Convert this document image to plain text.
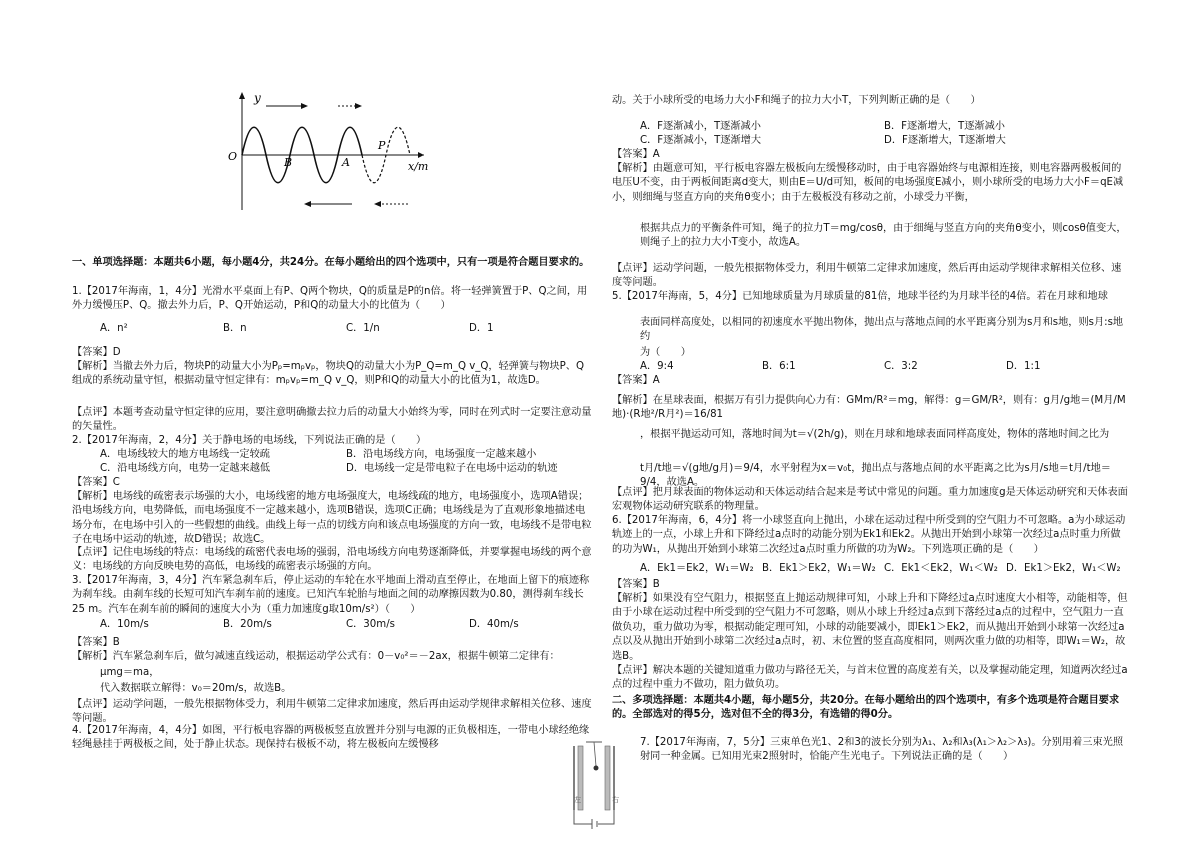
y
O	B	A
P
x/m
一、单项选择题：本题共6小题，每小题4分，共24分。在每小题给出的四个选项中，只有一项是符合题目要求的。
1.【2017年海南，1，4分】光滑水平桌面上有P、Q两个物块，Q的质量是P的n倍。将一轻弹簧置于P、Q之间，用外力缓慢压P、Q。撤去外力后，P、Q开始运动，P和Q的动量大小的比值为（　　）
A．n²	B．n	C．1/n	D．1
【答案】D
【解析】当撤去外力后，物块P的动量大小为Pₚ=mₚvₚ，物块Q的动量大小为P_Q=m_Q v_Q，轻弹簧与物块P、Q组成的系统动量守恒，根据动量守恒定律有：mₚvₚ=m_Q v_Q，则P和Q的动量大小的比值为1，故选D。
【点评】本题考查动量守恒定律的应用，要注意明确撤去拉力后的动量大小始终为零，同时在列式时一定要注意动量的矢量性。
2.【2017年海南，2，4分】关于静电场的电场线，下列说法正确的是（　　）
A．电场线较大的地方电场线一定较疏	B．沿电场线方向，电场强度一定越来越小
C．沿电场线方向，电势一定越来越低	D．电场线一定是带电粒子在电场中运动的轨迹
【答案】C
【解析】电场线的疏密表示场强的大小，电场线密的地方电场强度大，电场线疏的地方，电场强度小，选项A错误；沿电场线方向，电势降低，而电场强度不一定越来越小，选项B错误，选项C正确；电场线是为了直观形象地描述电场分布，在电场中引入的一些假想的曲线。曲线上每一点的切线方向和该点电场强度的方向一致，电场线不是带电粒子在电场中运动的轨迹，故D错误；故选C。
【点评】记住电场线的特点：电场线的疏密代表电场的强弱，沿电场线方向电势逐渐降低，并要掌握电场线的两个意义：电场线的方向反映电势的高低，电场线的疏密表示场强的方向。
3.【2017年海南，3，4分】汽车紧急刹车后，停止运动的车轮在水平地面上滑动直至停止，在地面上留下的痕迹称为刹车线。由刹车线的长短可知汽车刹车前的速度。已知汽车轮胎与地面之间的动摩擦因数为0.80，测得刹车线长25 m。汽车在刹车前的瞬间的速度大小为（重力加速度g取10m/s²）（　　）
A．10m/s	B．20m/s	C．30m/s	D．40m/s
【答案】B
【解析】汽车紧急刹车后，做匀减速直线运动，根据运动学公式有：0－v₀²＝－2ax，根据牛顿第二定律有：
μmg＝ma，
代入数据联立解得：v₀＝20m/s，故选B。
【点评】运动学问题，一般先根据物体受力，利用牛顿第二定律求加速度，然后再由运动学规律求解相关位移、速度等问题。
4.【2017年海南，4，4分】如图，平行板电容器的两极板竖直放置并分别与电源的正负极相连，一带电小球经绝缘轻绳悬挂于两极板之间，处于静止状态。现保持右极板不动，将左极板向左缓慢移
左	右
动。关于小球所受的电场力大小F和绳子的拉力大小T，下列判断正确的是（　　）
A．F逐渐减小，T逐渐减小	B．F逐渐增大，T逐渐减小
C．F逐渐减小，T逐渐增大	D．F逐渐增大，T逐渐增大
【答案】A
【解析】由题意可知，平行板电容器左极板向左缓慢移动时，由于电容器始终与电源相连接，则电容器两极板间的电压U不变，由于两板间距离d变大，则由E＝U/d可知，板间的电场强度E减小，则小球所受的电场力大小F＝qE减小，则细绳与竖直方向的夹角θ变小；由于左极板没有移动之前，小球受力平衡，
根据共点力的平衡条件可知，绳子的拉力T＝mg/cosθ，由于细绳与竖直方向的夹角θ变小，则cosθ值变大，则绳子上的拉力大小T变小，故选A。
【点评】运动学问题，一般先根据物体受力，利用牛顿第二定律求加速度，然后再由运动学规律求解相关位移、速度等问题。
5.【2017年海南，5，4分】已知地球质量为月球质量的81倍，地球半径约为月球半径的4倍。若在月球和地球
表面同样高度处，以相同的初速度水平抛出物体，抛出点与落地点间的水平距离分别为s月和s地，则s月:s地约
为（　　）
A．9:4	B．6:1	C．3:2	D．1:1
【答案】A
【解析】在星球表面，根据万有引力提供向心力有：GMm/R²＝mg，解得：g＝GM/R²，则有：g月/g地＝(M月/M地)·(R地²/R月²)＝16/81
，根据平抛运动可知，落地时间为t＝√(2h/g)，则在月球和地球表面同样高度处，物体的落地时间之比为
t月/t地＝√(g地/g月)＝9/4，水平射程为x＝v₀t，抛出点与落地点间的水平距离之比为s月/s地＝t月/t地＝9/4，故选A。
【点评】把月球表面的物体运动和天体运动结合起来是考试中常见的问题。重力加速度g是天体运动研究和天体表面宏观物体运动研究联系的物理量。
6.【2017年海南，6，4分】将一小球竖直向上抛出，小球在运动过程中所受到的空气阻力不可忽略。a为小球运动轨迹上的一点，小球上升和下降经过a点时的动能分别为Ek1和Ek2。从抛出开始到小球第一次经过a点时重力所做的功为W₁，从抛出开始到小球第二次经过a点时重力所做的功为W₂。下列选项正确的是（　　）
A．Ek1＝Ek2，W₁＝W₂ B．Ek1＞Ek2，W₁＝W₂ C．Ek1＜Ek2，W₁＜W₂ D．Ek1＞Ek2，W₁＜W₂
【答案】B
【解析】如果没有空气阻力，根据竖直上抛运动规律可知，小球上升和下降经过a点时速度大小相等，动能相等，但由于小球在运动过程中所受到的空气阻力不可忽略，则从小球上升经过a点到下落经过a点的过程中，空气阻力一直做负功，重力做功为零，根据动能定理可知，小球的动能要减小，即Ek1＞Ek2，而从抛出开始到小球第一次经过a点以及从抛出开始到小球第二次经过a点时，初、末位置的竖直高度相同，则两次重力做的功相等，即W₁＝W₂，故选B。
【点评】解决本题的关键知道重力做功与路径无关，与首末位置的高度差有关，以及掌握动能定理，知道两次经过a点的过程中重力不做功，阻力做负功。
二、多项选择题：本题共4小题，每小题5分，共20分。在每小题给出的四个选项中，有多个选项是符合题目要求的。全部选对的得5分，选对但不全的得3分，有选错的得0分。
7.【2017年海南，7，5分】三束单色光1、2和3的波长分别为λ₁、λ₂和λ₃(λ₁＞λ₂＞λ₃)。分别用着三束光照射同一种金属。已知用光束2照射时，恰能产生光电子。下列说法正确的是（　　）
